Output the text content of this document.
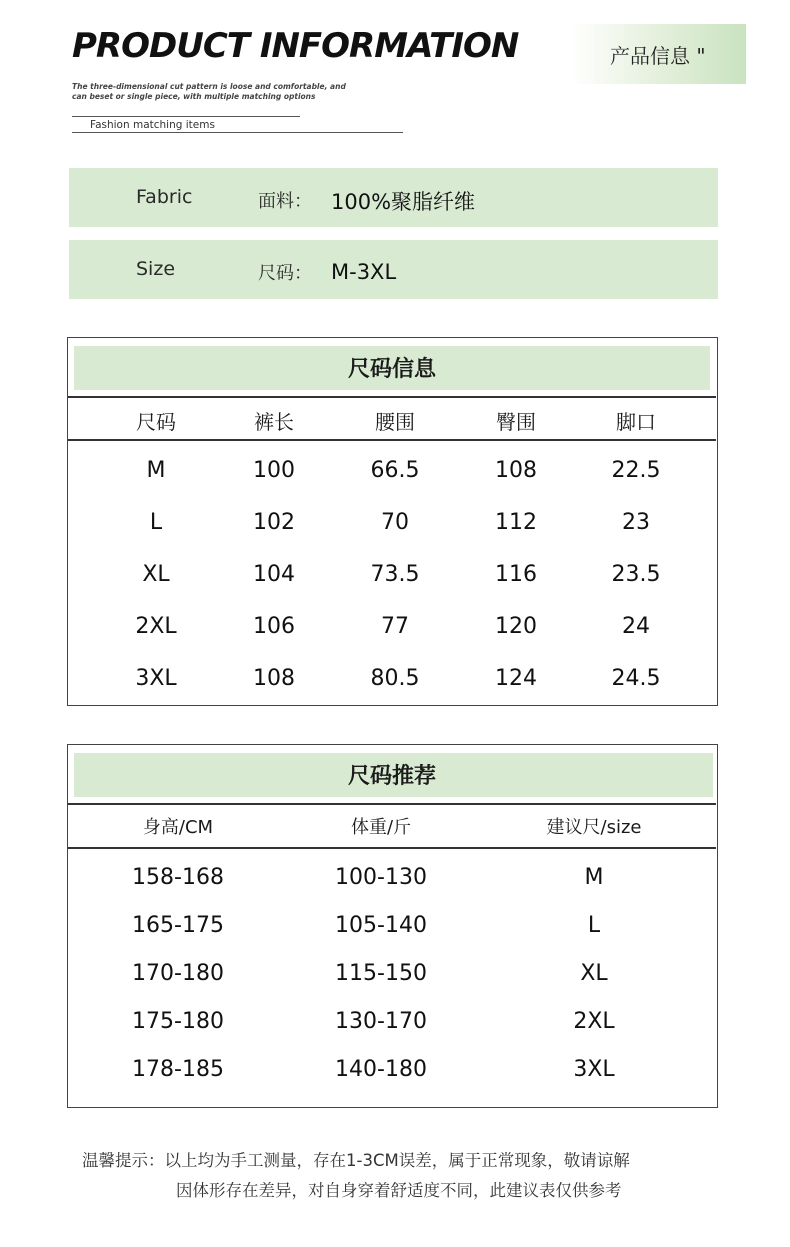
PRODUCT INFORMATION	产品信息 "
The three-dimensional cut pattern is loose and comfortable, and
can beset or single piece, with multiple matching options
Fashion matching items
Fabric	面料： 100%聚脂纤维
Size	尺码： M-3XL
尺码信息
尺码	裤长	腰围	臀围	脚口
M	100	66.5	108	22.5
L	102	70	112	23
XL	104	73.5	116	23.5
2XL	106	77	120	24
3XL	108	80.5	124	24.5
尺码推荐
身高/CM	体重/斤	建议尺/size
158-168	100-130	M
165-175	105-140	L
170-180	115-150	XL
175-180	130-170	2XL
178-185	140-180	3XL
温馨提示：以上均为手工测量，存在1-3CM误差，属于正常现象，敬请谅解
因体形存在差异，对自身穿着舒适度不同，此建议表仅供参考
